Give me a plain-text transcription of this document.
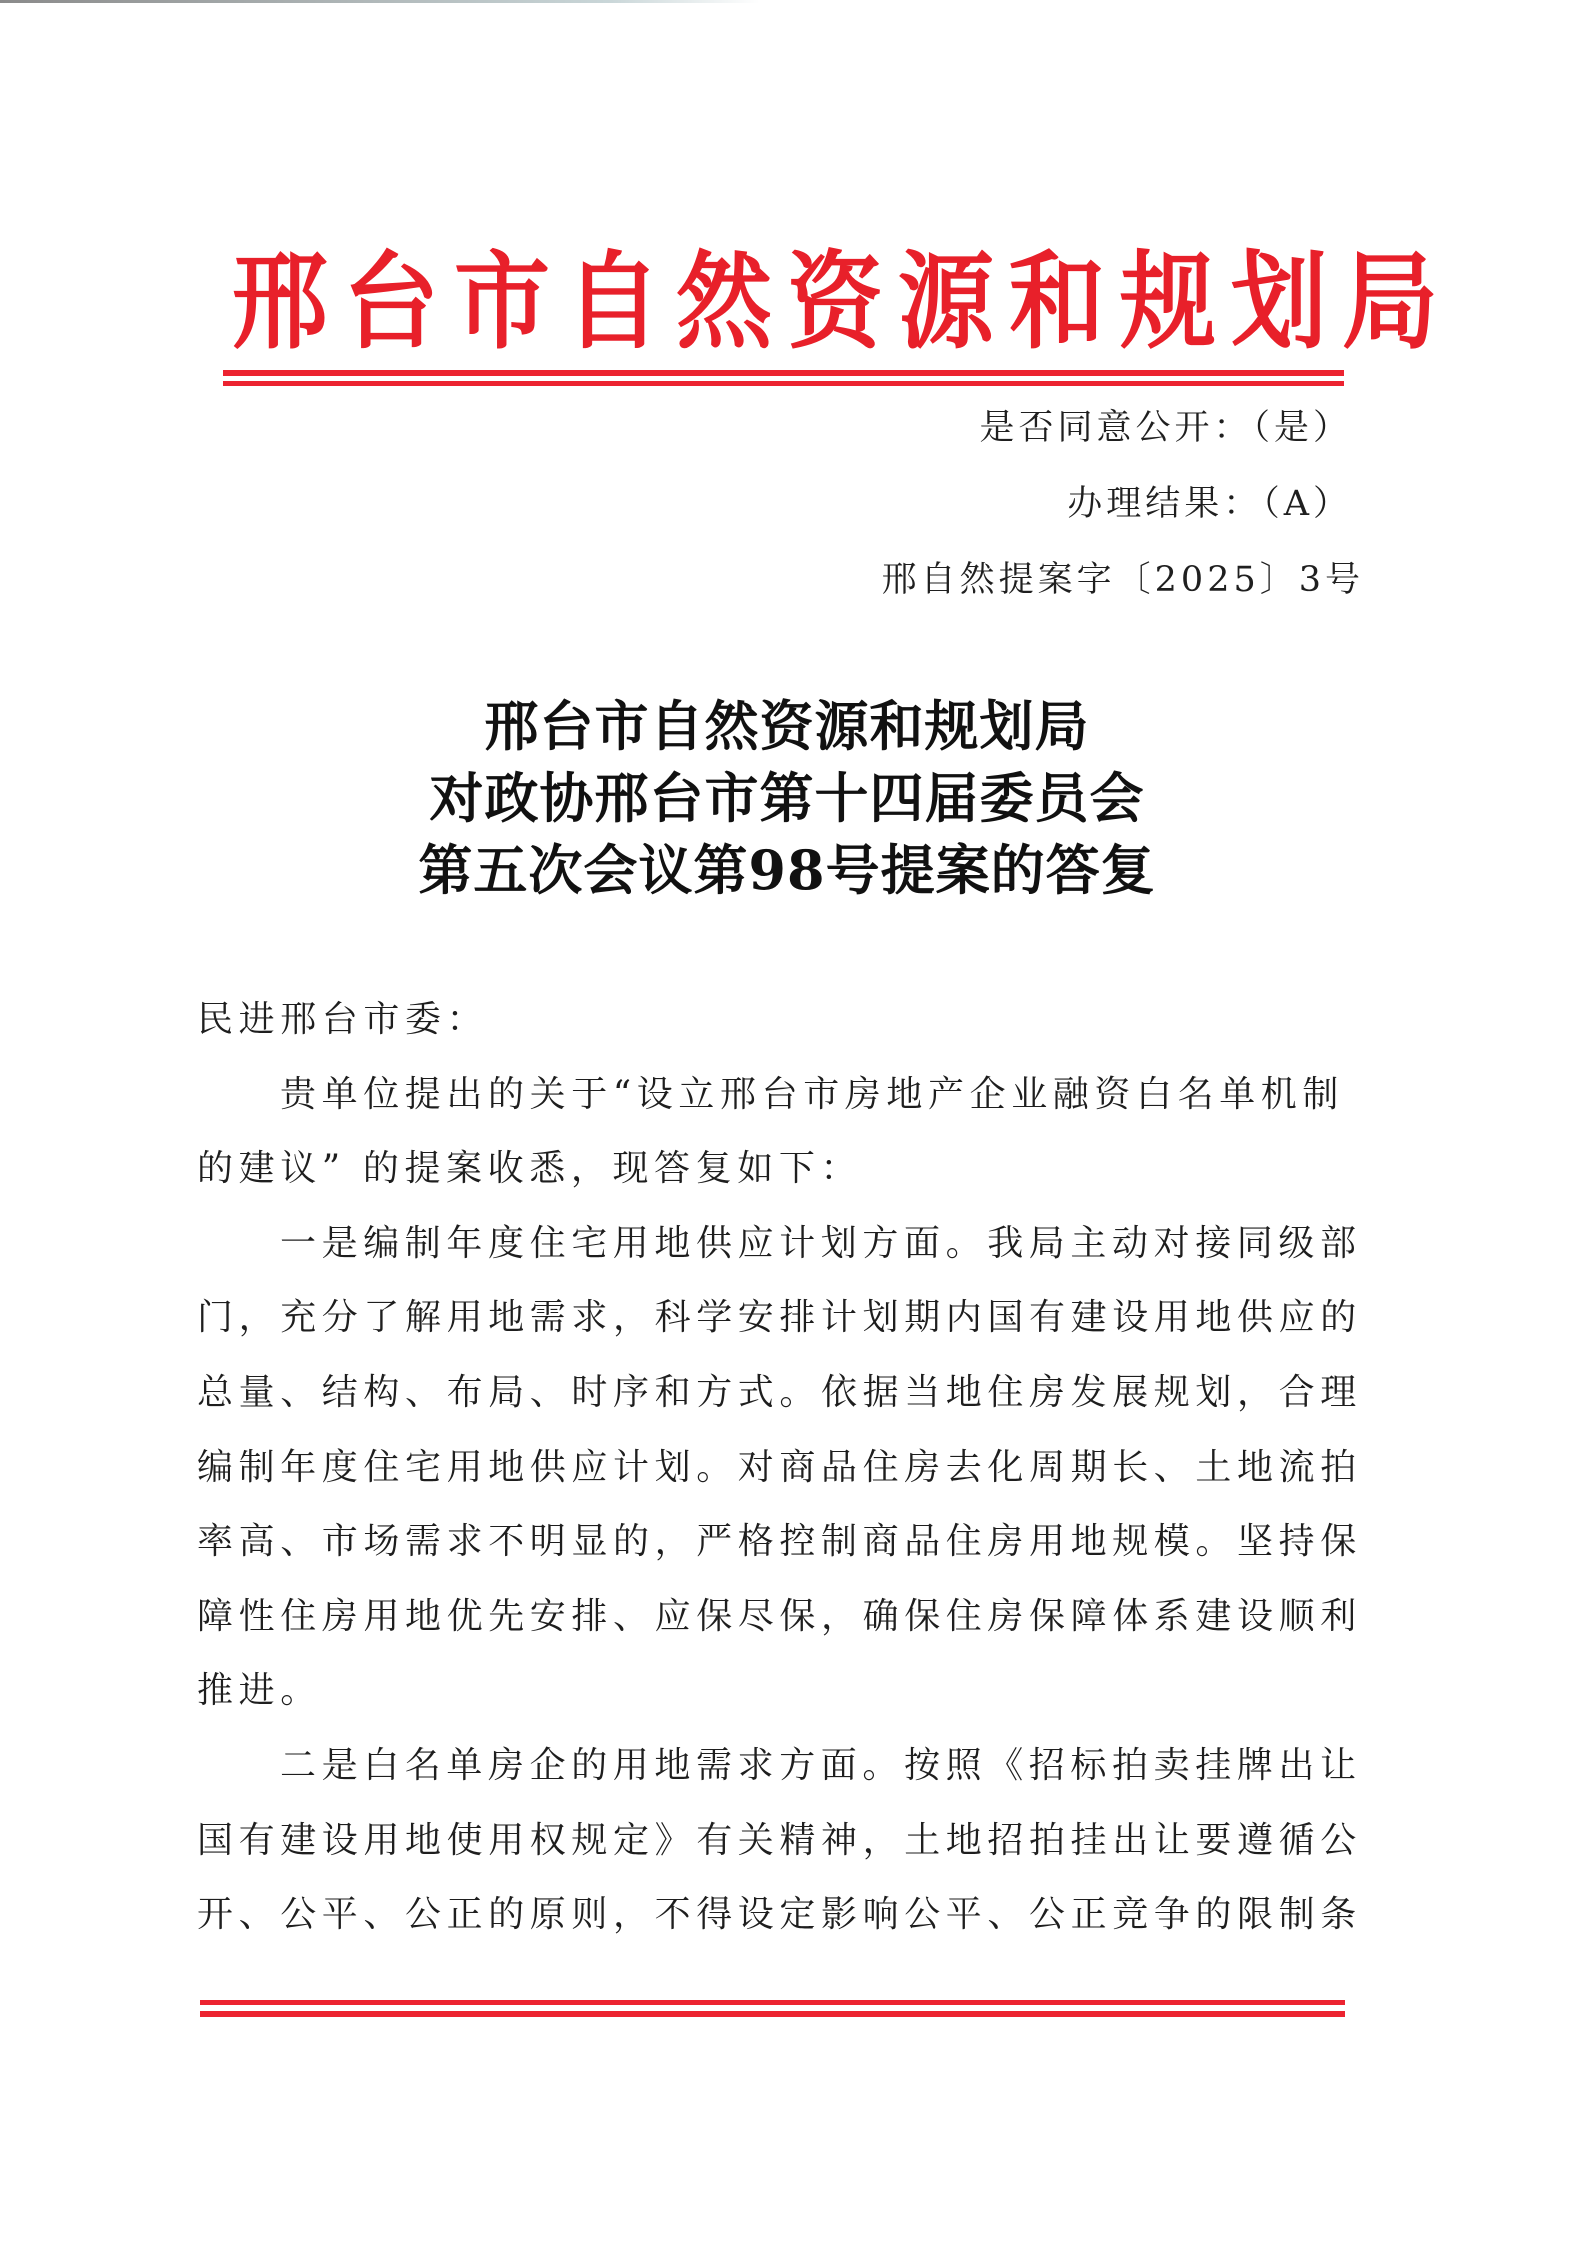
邢台市自然资源和规划局
是否同意公开：（是）
办理结果：（A）
邢自然提案字〔2025〕3号
邢台市自然资源和规划局
对政协邢台市第十四届委员会
第五次会议第98号提案的答复

民进邢台市委：

贵单位提出的关于“设立邢台市房地产企业融资白名单机制
的建议” 的提案收悉，现答复如下：

一是编制年度住宅用地供应计划方面。我局主动对接同级部
门，充分了解用地需求，科学安排计划期内国有建设用地供应的
总量、结构、布局、时序和方式。依据当地住房发展规划，合理
编制年度住宅用地供应计划。对商品住房去化周期长、土地流拍
率高、市场需求不明显的，严格控制商品住房用地规模。坚持保
障性住房用地优先安排、应保尽保，确保住房保障体系建设顺利
推进。

二是白名单房企的用地需求方面。按照《招标拍卖挂牌出让
国有建设用地使用权规定》有关精神，土地招拍挂出让要遵循公
开、公平、公正的原则，不得设定影响公平、公正竞争的限制条
